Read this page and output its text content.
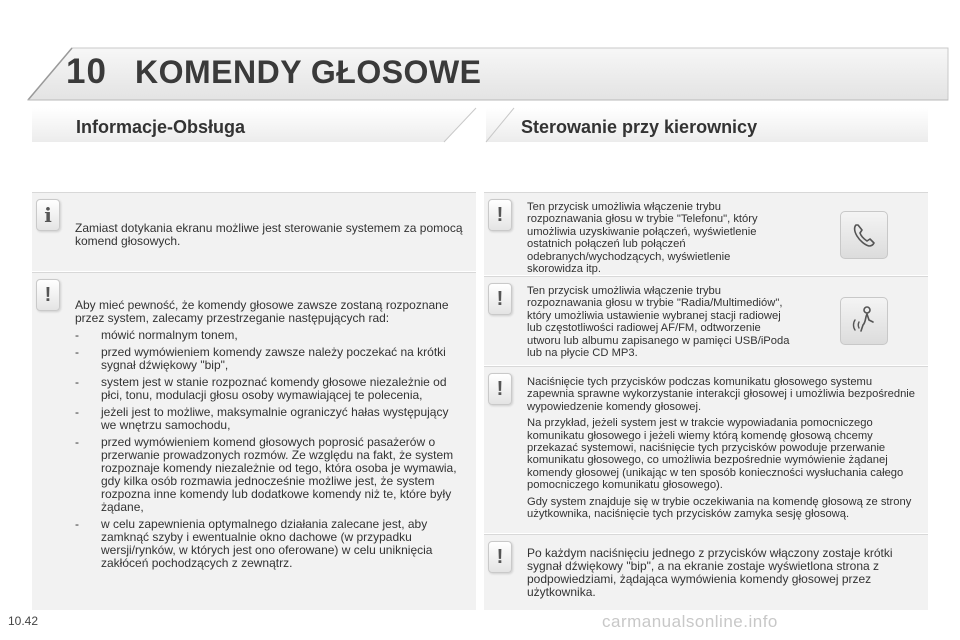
10 KOMENDY GŁOSOWE
Informacje-Obsługa	Sterowanie przy kierownicy
i
Zamiast dotykania ekranu możliwe jest sterowanie systemem za pomocą komend głosowych.
!	Aby mieć pewność, że komendy głosowe zawsze zostaną rozpoznane przez system, zalecamy przestrzeganie następujących rad:

- mówić normalnym tonem,
- przed wymówieniem komendy zawsze należy poczekać na krótki sygnał dźwiękowy "bip",
- system jest w stanie rozpoznać komendy głosowe niezależnie od płci, tonu, modulacji głosu osoby wymawiającej te polecenia,
- jeżeli jest to możliwe, maksymalnie ograniczyć hałas występujący we wnętrzu samochodu,
- przed wymówieniem komend głosowych poprosić pasażerów o przerwanie prowadzonych rozmów. Ze względu na fakt, że system rozpoznaje komendy niezależnie od tego, która osoba je wymawia, gdy kilka osób rozmawia jednocześnie możliwe jest, że system rozpozna inne komendy lub dodatkowe komendy niż te, które były żądane,
- w celu zapewnienia optymalnego działania zalecane jest, aby zamknąć szyby i ewentualnie okno dachowe (w przypadku wersji/rynków, w których jest ono oferowane) w celu uniknięcia zakłóceń pochodzących z zewnątrz.
!	Ten przycisk umożliwia włączenie trybu rozpoznawania głosu w trybie "Telefonu", który umożliwia uzyskiwanie połączeń, wyświetlenie ostatnich połączeń lub połączeń odebranych/wychodzących, wyświetlenie skorowidza itp.
!	Ten przycisk umożliwia włączenie trybu rozpoznawania głosu w trybie "Radia/Multimediów", który umożliwia ustawienie wybranej stacji radiowej lub częstotliwości radiowej AF/FM, odtworzenie utworu lub albumu zapisanego w pamięci USB/iPoda lub na płycie CD MP3.
!	Naciśnięcie tych przycisków podczas komunikatu głosowego systemu zapewnia sprawne wykorzystanie interakcji głosowej i umożliwia bezpośrednie wypowiedzenie komendy głosowej.

Na przykład, jeżeli system jest w trakcie wypowiadania pomocniczego komunikatu głosowego i jeżeli wiemy którą komendę głosową chcemy przekazać systemowi, naciśnięcie tych przycisków powoduje przerwanie komunikatu głosowego, co umożliwia bezpośrednie wymówienie żądanej komendy głosowej (unikając w ten sposób konieczności wysłuchania całego pomocniczego komunikatu głosowego).

Gdy system znajduje się w trybie oczekiwania na komendę głosową ze strony użytkownika, naciśnięcie tych przycisków zamyka sesję głosową.

!	Po każdym naciśnięciu jednego z przycisków włączony zostaje krótki sygnał dźwiękowy "bip", a na ekranie zostaje wyświetlona strona z podpowiedziami, żądająca wymówienia komendy głosowej przez użytkownika.
10.42	carmanualsonline.info
